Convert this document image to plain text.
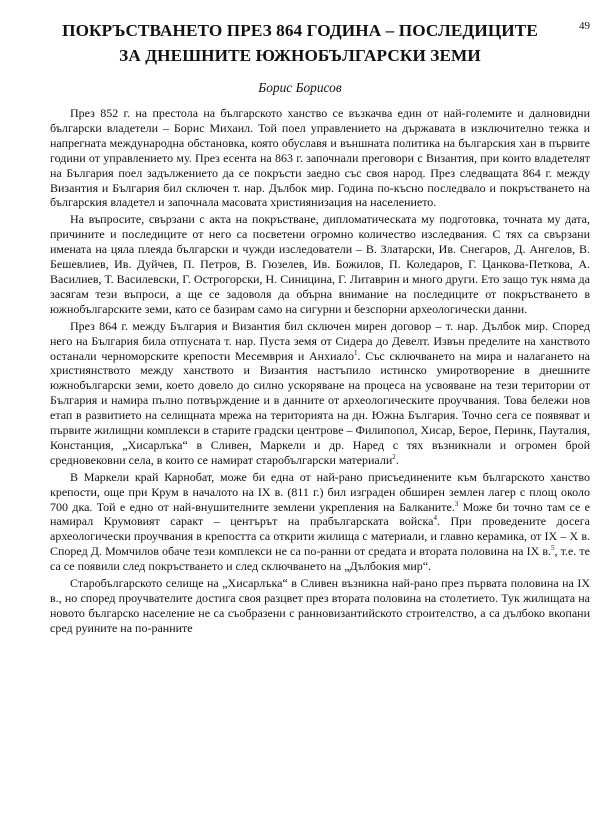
49
ПОКРЪСТВАНЕТО ПРЕЗ 864 ГОДИНА – ПОСЛЕДИЦИТЕ
ЗА ДНЕШНИТЕ ЮЖНОБЪЛГАРСКИ ЗЕМИ
Борис Борисов

През 852 г. на престола на българското ханство се възкачва един от най-големите и далновидни български владетели – Борис Михаил. Той поел управлението на държавата в изключително тежка и напрегната международна обстановка, която обуславя и външната политика на българския хан в първите години от управлението му. През есента на 863 г. започнали преговори с Византия, при които владетелят на България поел задължението да се покръсти заедно със своя народ. През следващата 864 г. между Византия и България бил сключен т. нар. Дълбок мир. Година по-късно последвало и покръстването на българския владетел и започнала масовата християнизация на населението.

На въпросите, свързани с акта на покръстване, дипломатическата му подготовка, точната му дата, причините и последиците от него са посветени огромно количество изследвания. С тях са свързани имената на цяла плеяда български и чужди изследователи – В. Златарски, Ив. Снегаров, Д. Ангелов, В. Бешевлиев, Ив. Дуйчев, П. Петров, В. Гюзелев, Ив. Божилов, П. Коледаров, Г. Цанкова-Петкова, А. Василиев, Т. Василевски, Г. Острогорски, Н. Синицина, Г. Литаврин и много други. Ето защо тук няма да засягам тези въпроси, а ще се задоволя да обърна внимание на последиците от покръстването в южнобългарските земи, като се базирам само на сигурни и безспорни археологически данни.

През 864 г. между България и Византия бил сключен мирен договор – т. нар. Дълбок мир. Според него на България била отпусната т. нар. Пуста земя от Сидера до Девелт. Извън пределите на ханството останали черноморските крепости Месемврия и Анхиало$^1$. Със сключването на мира и налагането на християнството между ханството и Византия настъпило истинско умиротворение в днешните южнобългарски земи, което довело до силно ускоряване на процеса на усвояване на тези територии от България и намира пълно потвърждение и в данните от археологическите проучвания. Това бележи нов етап в развитието на селищната мрежа на територията на дн. Южна България. Точно сега се появяват и първите жилищни комплекси в старите градски центрове – Филипопол, Хисар, Берое, Перинк, Пауталия, Констанция, „Хисарлъка“ в Сливен, Маркели и др. Наред с тях възникнали и огромен брой средновековни села, в които се намират старобългарски материали$^2$.

В Маркели край Карнобат, може би една от най-рано присъединените към българското ханство крепости, още при Крум в началото на IX в. (811 г.) бил изграден обширен землен лагер с площ около 700 дка. Той е едно от най-внушителните землени укрепления на Балканите.$^3$ Може би точно там се е намирал Крумовият саракт – центърът на прабългарската войска$^4$. При проведените досега археологически проучвания в крепостта са открити жилища с материали, и главно керамика, от IX – X в. Според Д. Момчилов обаче тези комплекси не са по-ранни от средата и втората половина на IX в.$^5$, т.е. те са се появили след покръстването и след сключването на „Дълбокия мир“.

Старобългарското селище на „Хисарлъка“ в Сливен възникна най-рано през първата половина на IX в., но според проучвателите достига своя разцвет през втората половина на столетието. Тук жилищата на новото българско население не са съобразени с ранновизантийското строителство, а са дълбоко вкопани сред руините на по-ранните
